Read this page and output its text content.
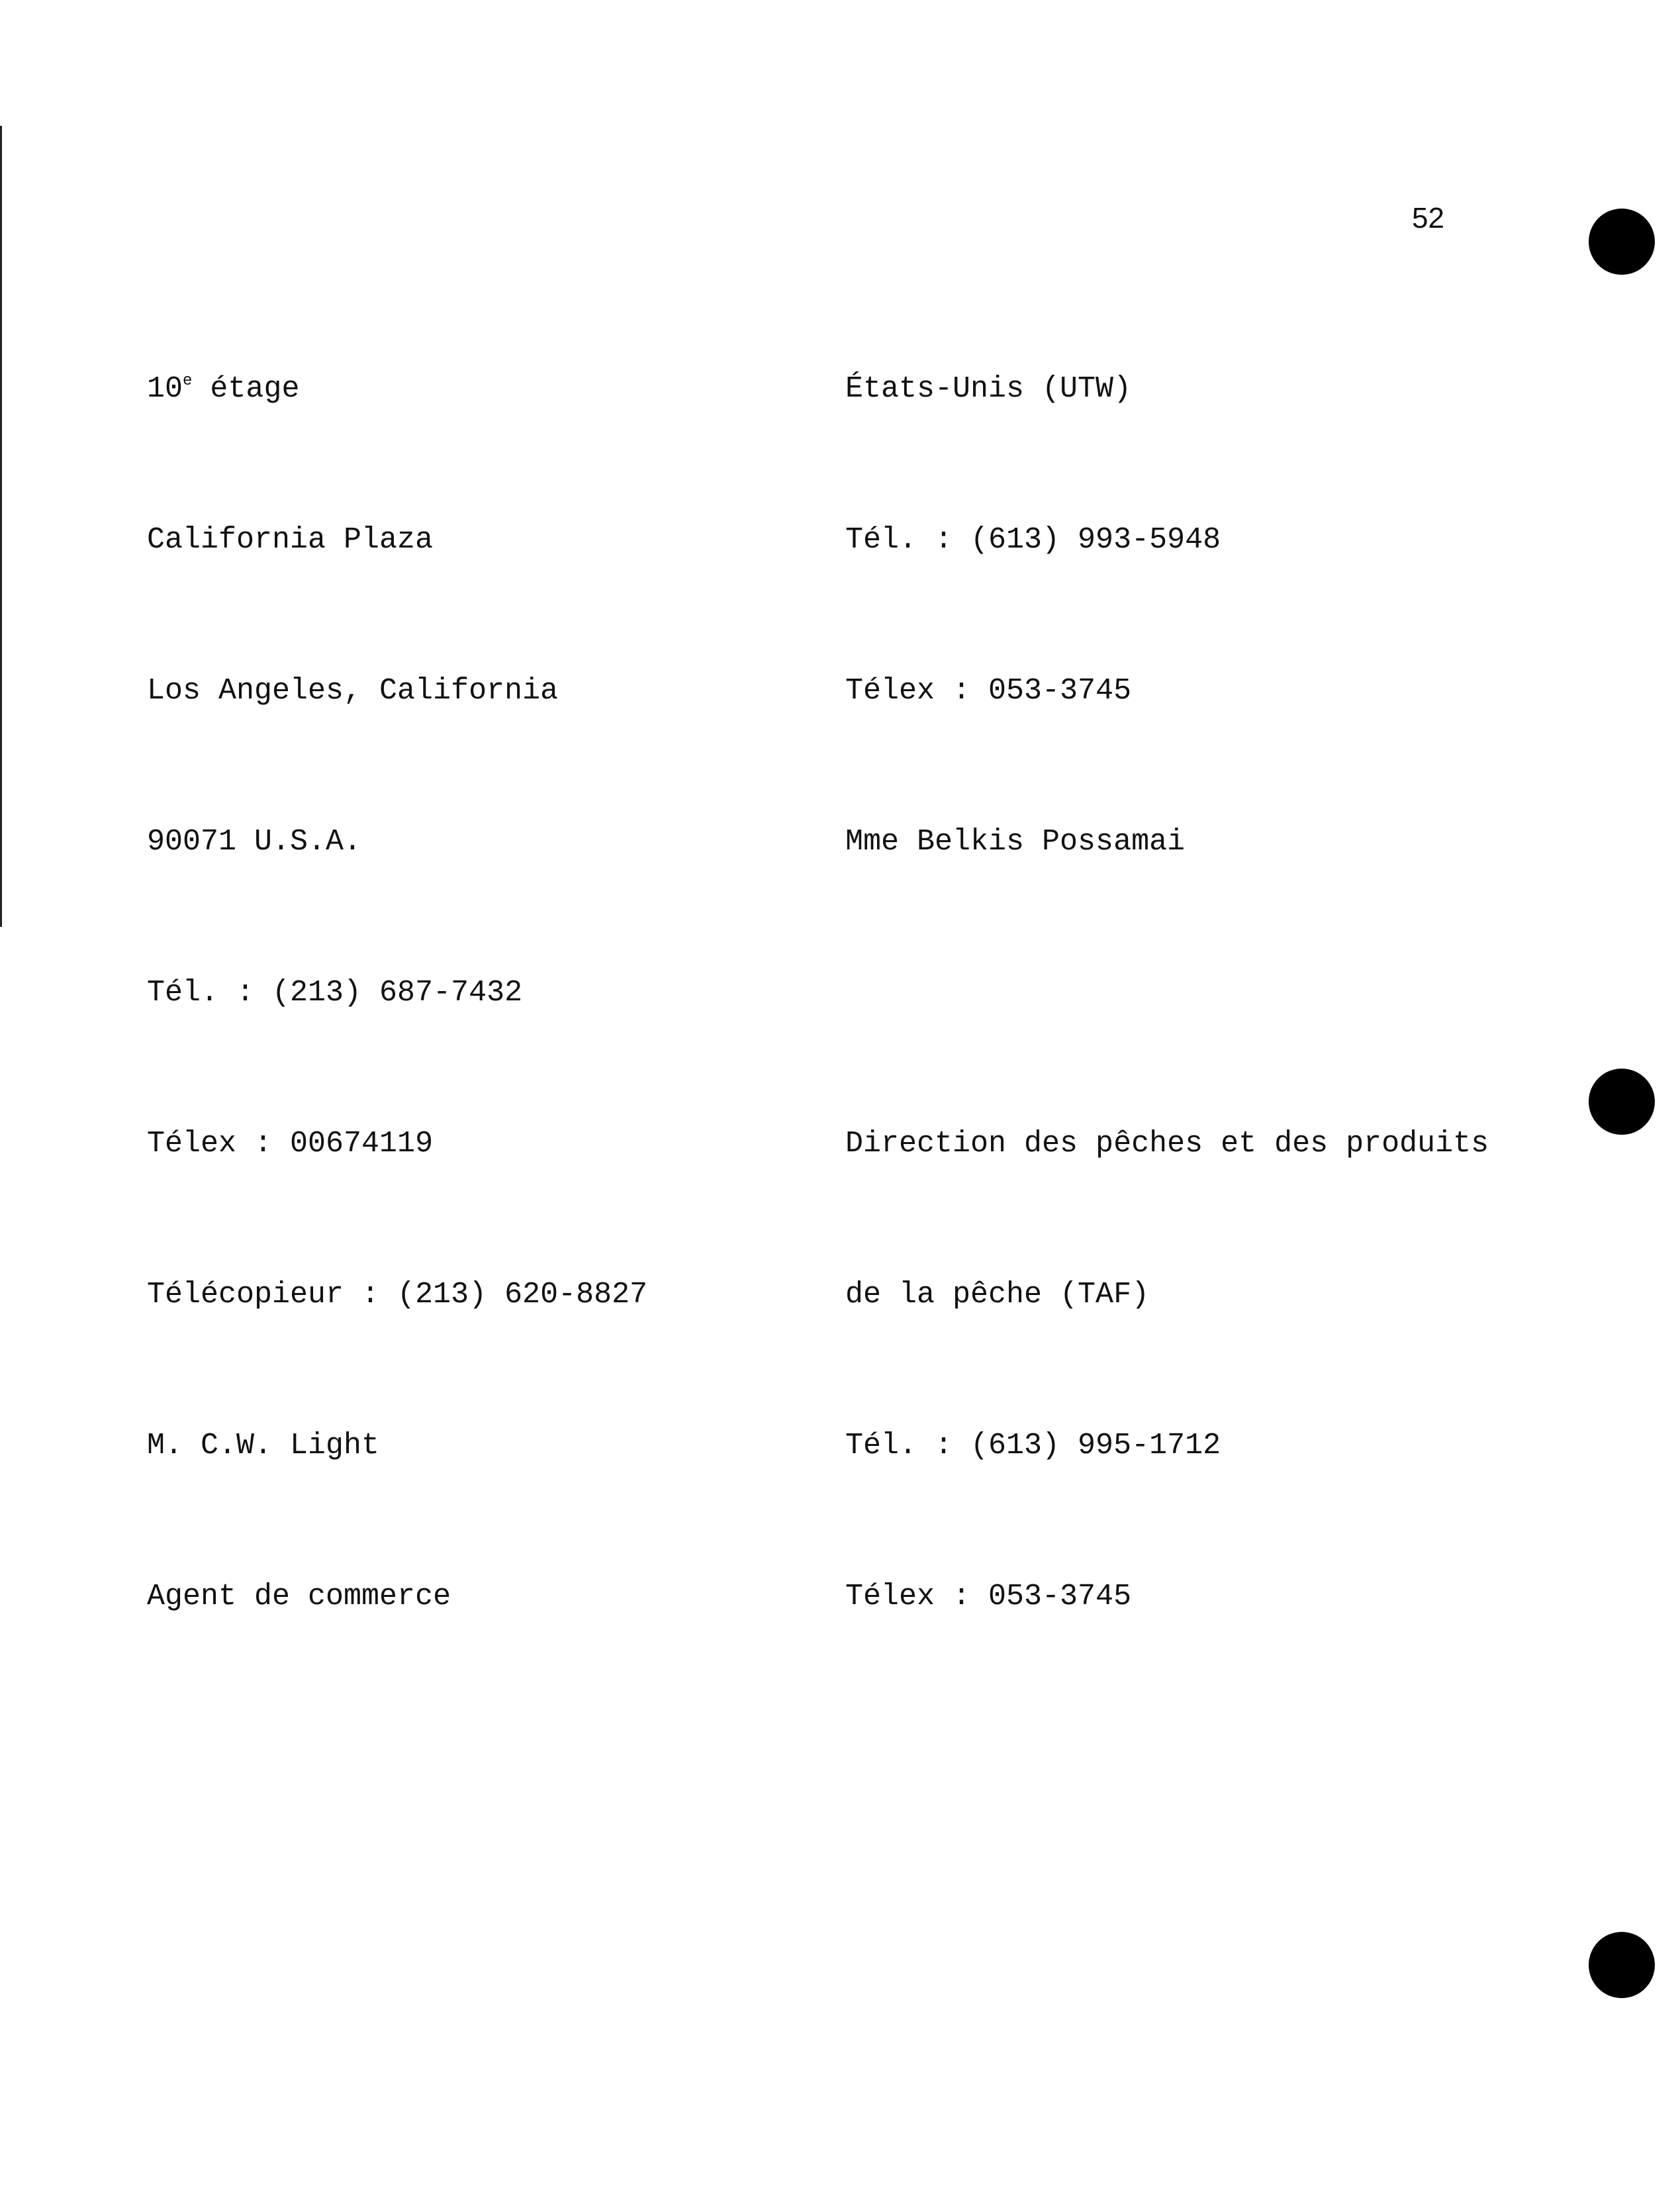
52

10e étage

California Plaza

Los Angeles, California

90071 U.S.A.

Tél. : (213) 687-7432

Télex : 00674119

Télécopieur : (213) 620-8827

M. C.W. Light

Agent de commerce

États-Unis (UTW)

Tél. : (613) 993-5948

Télex : 053-3745

Mme Belkis Possamai

Direction des pêches et des produits

de la pêche (TAF)

Tél. : (613) 995-1712

Télex : 053-3745
